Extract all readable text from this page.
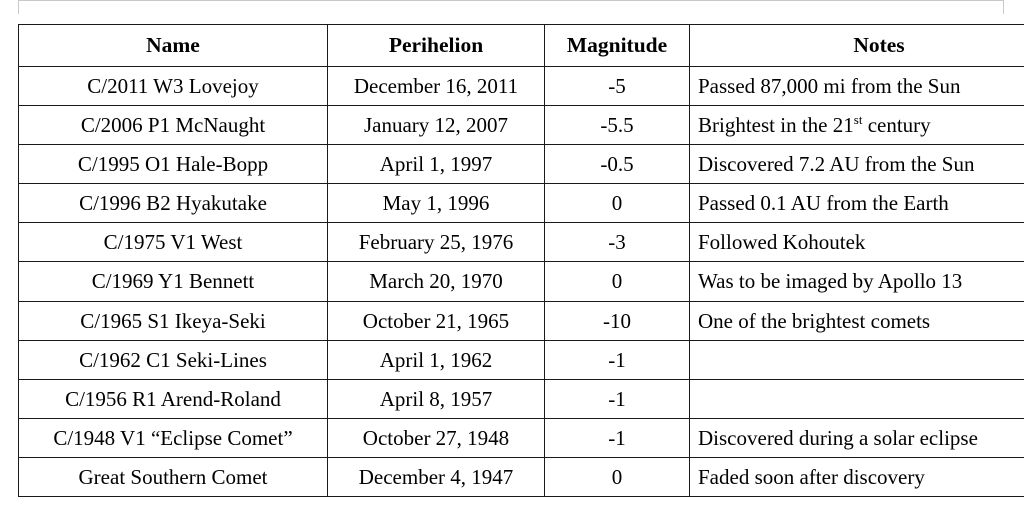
Name	Perihelion	Magnitude	Notes
C/2011 W3 Lovejoy	December 16, 2011	-5	Passed 87,000 mi from the Sun
C/2006 P1 McNaught	January 12, 2007	-5.5	Brightest in the 21st century
C/1995 O1 Hale-Bopp	April 1, 1997	-0.5	Discovered 7.2 AU from the Sun
C/1996 B2 Hyakutake	May 1, 1996	0	Passed 0.1 AU from the Earth
C/1975 V1 West	February 25, 1976	-3	Followed Kohoutek
C/1969 Y1 Bennett	March 20, 1970	0	Was to be imaged by Apollo 13
C/1965 S1 Ikeya-Seki	October 21, 1965	-10	One of the brightest comets
C/1962 C1 Seki-Lines	April 1, 1962	-1	
C/1956 R1 Arend-Roland	April 8, 1957	-1	
C/1948 V1 “Eclipse Comet”	October 27, 1948	-1	Discovered during a solar eclipse
Great Southern Comet	December 4, 1947	0	Faded soon after discovery
